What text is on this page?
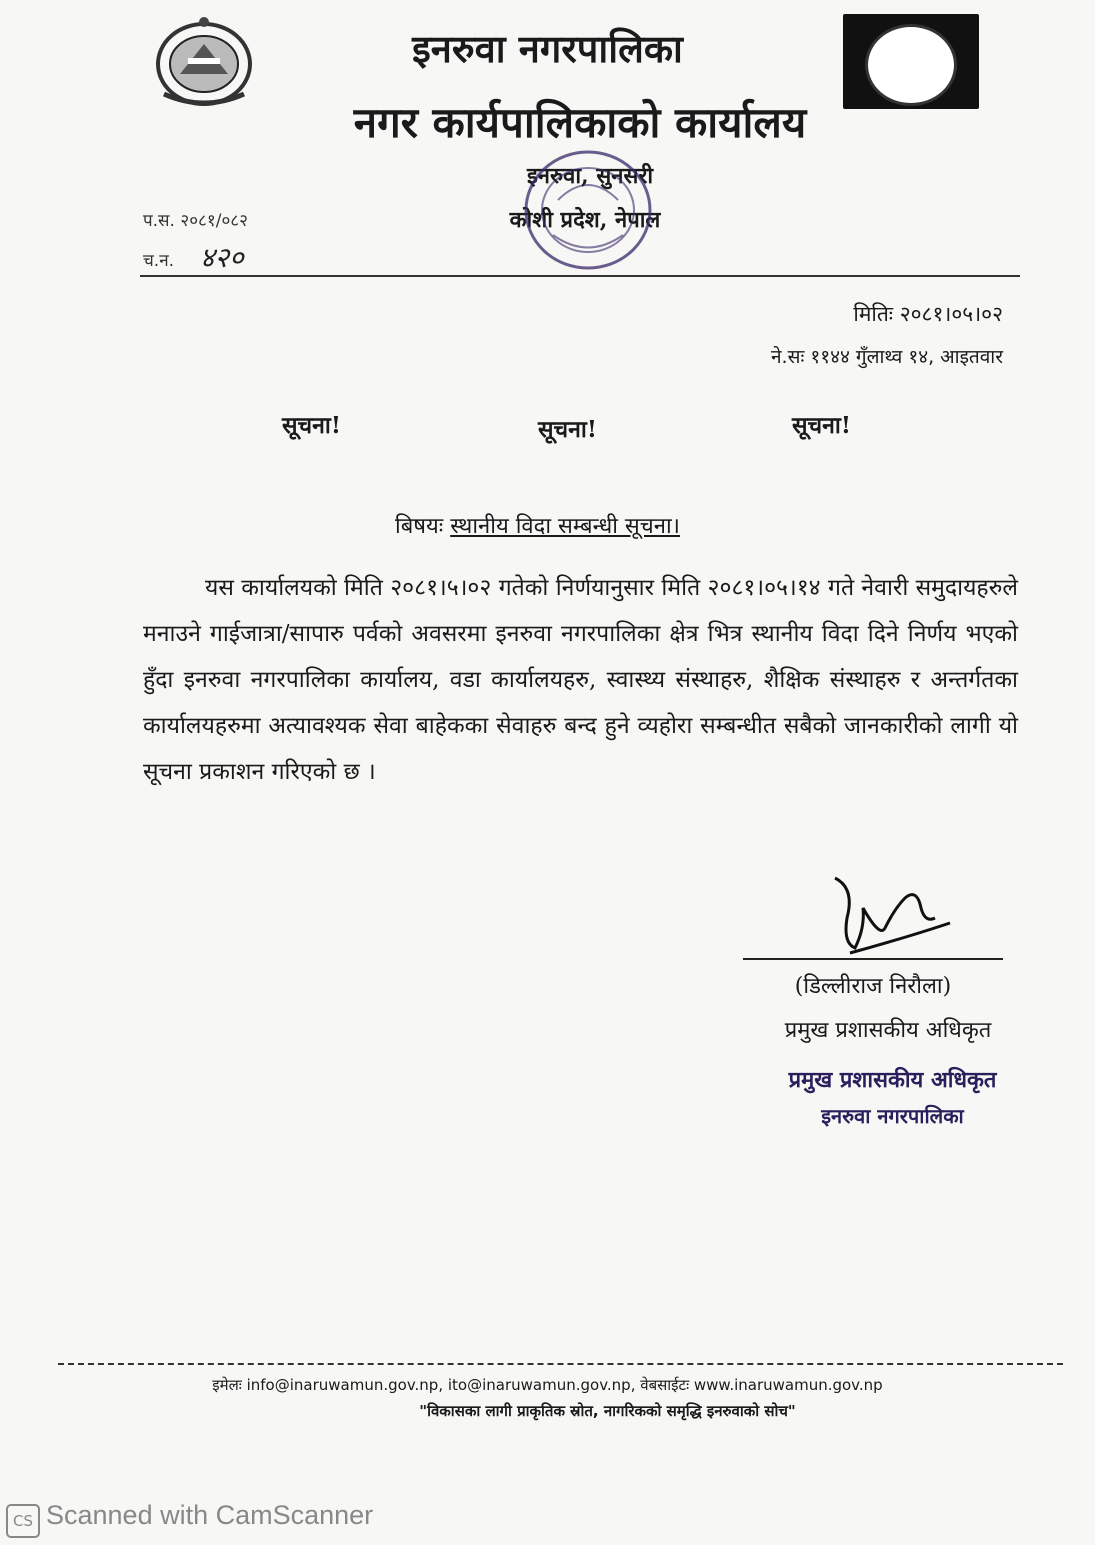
इनरुवा नगरपालिका
नगर कार्यपालिकाको कार्यालय
इनरुवा, सुनसरी
कोशी प्रदेश, नेपाल
प.स. २०८१/०८२
च.न. ४२०
मितिः २०८१।०५।०२
ने.सः ११४४ गुँलाथ्व १४, आइतवार
सूचना!	सूचना!	सूचना!
बिषयः स्थानीय विदा सम्बन्धी सूचना।
यस कार्यालयको मिति २०८१।५।०२ गतेको निर्णयानुसार मिति २०८१।०५।१४ गते नेवारी समुदायहरुले मनाउने गाईजात्रा/सापारु पर्वको अवसरमा इनरुवा नगरपालिका क्षेत्र भित्र स्थानीय विदा दिने निर्णय भएको हुँदा इनरुवा नगरपालिका कार्यालय, वडा कार्यालयहरु, स्वास्थ्य संस्थाहरु, शैक्षिक संस्थाहरु र अन्तर्गतका कार्यालयहरुमा अत्यावश्यक सेवा बाहेकका सेवाहरु बन्द हुने व्यहोरा सम्बन्धीत सबैको जानकारीको लागी यो सूचना प्रकाशन गरिएको छ ।
(डिल्लीराज निरौला)
प्रमुख प्रशासकीय अधिकृत
प्रमुख प्रशासकीय अधिकृत
इनरुवा नगरपालिका
इमेलः info@inaruwamun.gov.np, ito@inaruwamun.gov.np, वेबसाईटः www.inaruwamun.gov.np
"विकासका लागी प्राकृतिक स्रोत, नागरिकको समृद्धि इनरुवाको सोच"
CS Scanned with CamScanner
